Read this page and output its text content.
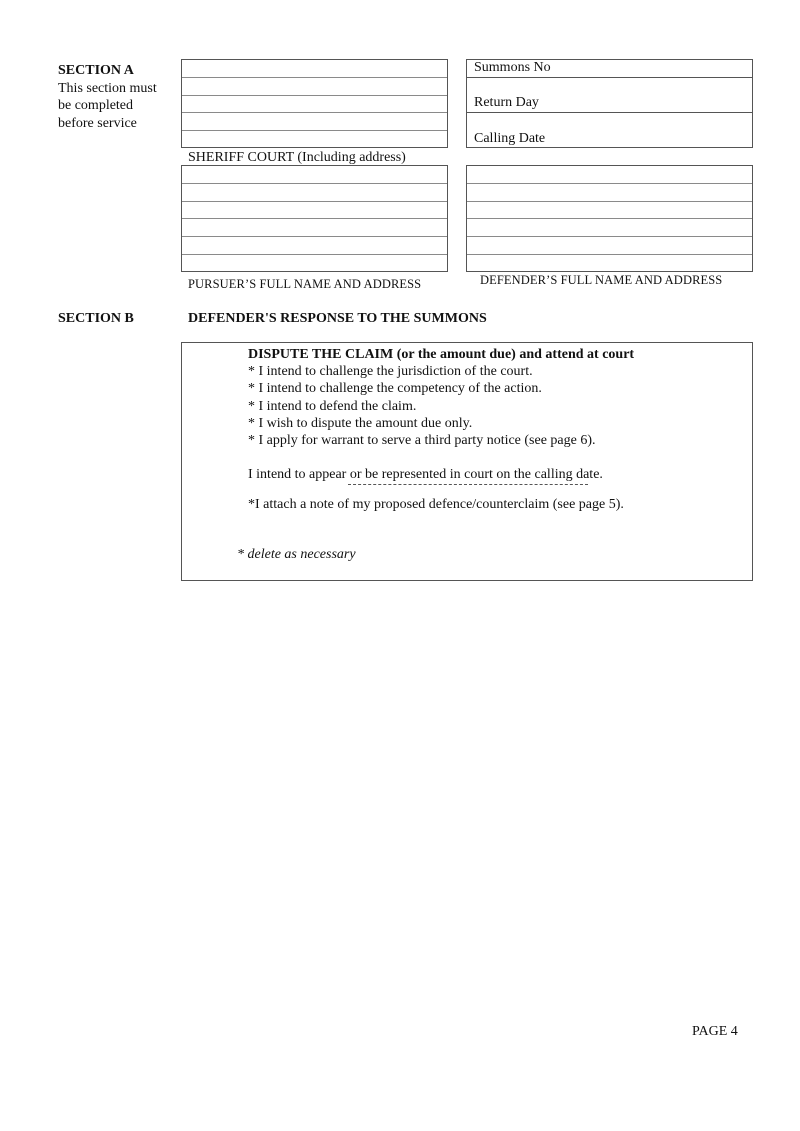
SECTION A
This section must
be completed
before service
Summons No
Return Day
Calling Date
SHERIFF COURT (Including address)
PURSUER’S FULL NAME AND ADDRESS	DEFENDER’S FULL NAME AND ADDRESS
SECTION B	DEFENDER'S RESPONSE TO THE SUMMONS
DISPUTE THE CLAIM (or the amount due) and attend at court
* I intend to challenge the jurisdiction of the court.
* I intend to challenge the competency of the action.
* I intend to defend the claim.
* I wish to dispute the amount due only.
* I apply for warrant to serve a third party notice (see page 6).
I intend to appear or be represented in court on the calling date.
*I attach a note of my proposed defence/counterclaim (see page 5).
* delete as necessary
PAGE 4
